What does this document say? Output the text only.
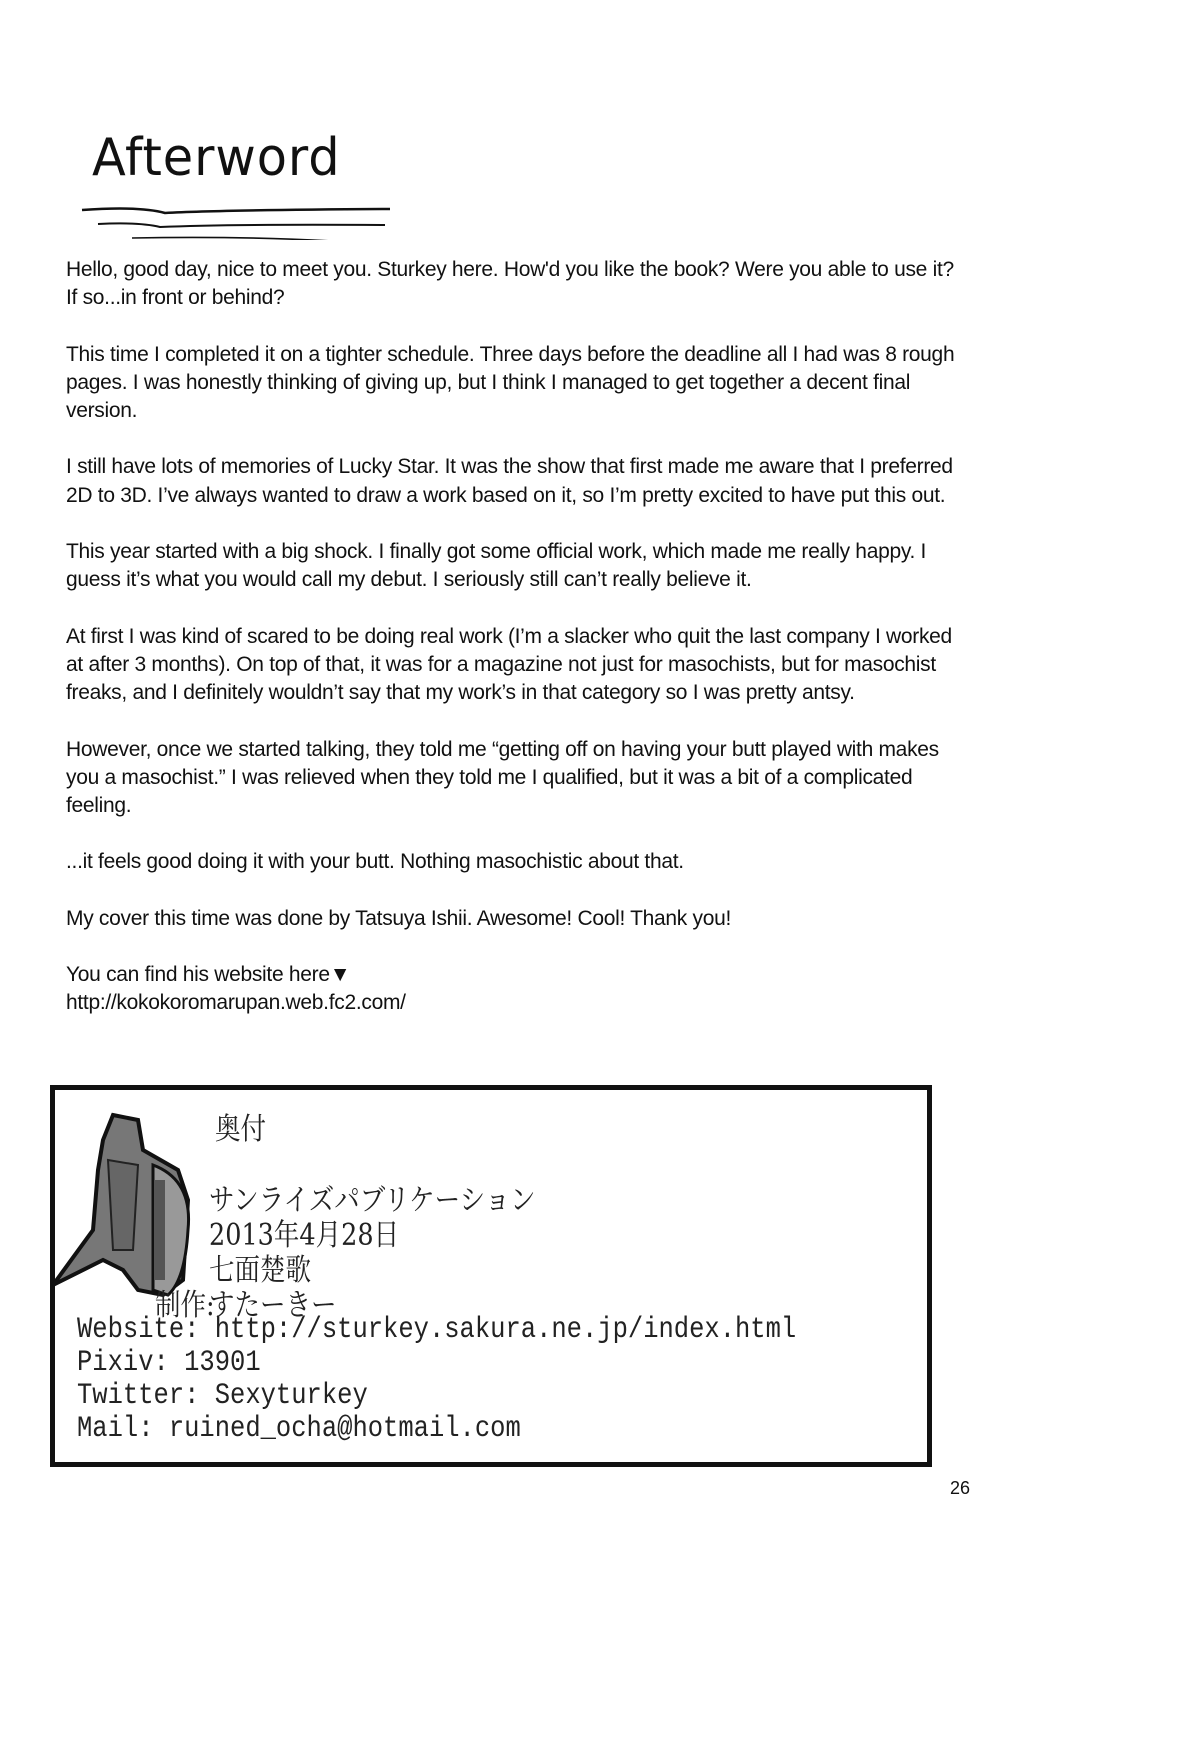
Afterword

Hello, good day, nice to meet you. Sturkey here. How'd you like the book? Were you able to use it? If so...in front or behind?

This time I completed it on a tighter schedule. Three days before the deadline all I had was 8 rough pages. I was honestly thinking of giving up, but I think I managed to get together a decent final version.

I still have lots of memories of Lucky Star. It was the show that first made me aware that I preferred 2D to 3D. I’ve always wanted to draw a work based on it, so I’m pretty excited to have put this out.

This year started with a big shock. I finally got some official work, which made me really happy. I guess it’s what you would call my debut. I seriously still can’t really believe it.

At first I was kind of scared to be doing real work (I’m a slacker who quit the last company I worked at after 3 months). On top of that, it was for a magazine not just for masochists, but for masochist freaks, and I definitely wouldn’t say that my work’s in that category so I was pretty antsy.

However, once we started talking, they told me “getting off on having your butt played with makes you a masochist.” I was relieved when they told me I qualified, but it was a bit of a complicated feeling.

...it feels good doing it with your butt. Nothing masochistic about that.

My cover this time was done by Tatsuya Ishii. Awesome! Cool! Thank you!

You can find his website here▼
http://kokokoromarupan.web.fc2.com/

奥付
サンライズパブリケーション
2013年4月28日
七面楚歌
制作:
すたーきー
Website: http://sturkey.sakura.ne.jp/index.html
Pixiv: 13901
Twitter: Sexyturkey
Mail: ruined_ocha@hotmail.com
26
